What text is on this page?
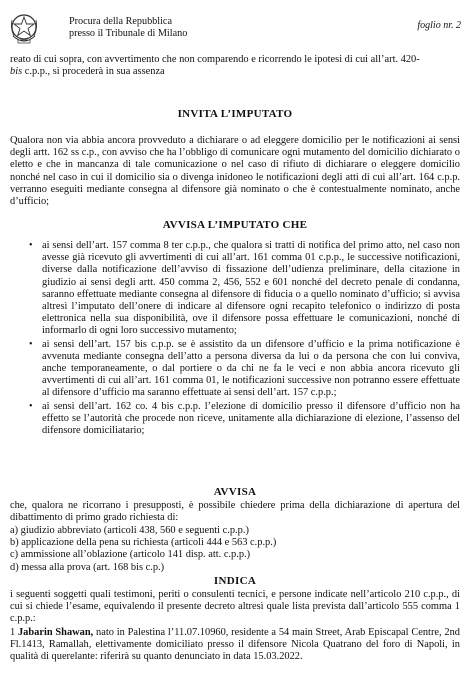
Procura della Repubblica
presso il Tribunale di Milano
foglio nr. 2
reato di cui sopra, con avvertimento che non comparendo e ricorrendo le ipotesi di cui all’art. 420-
bis c.p.p., si procederà in sua assenza
INVITA L’IMPUTATO
Qualora non via abbia ancora provveduto a dichiarare o ad eleggere domicilio per le notificazioni ai sensi degli artt. 162 ss c.p., con avviso che ha l’obbligo di comunicare ogni mutamento del domicilio dichiarato o eletto e che in mancanza di tale comunicazione o nel caso di rifiuto di dichiarare o eleggere domicilio nonché nel caso in cui il domicilio sia o divenga inidoneo le notificazioni degli atti di cui all’art. 164 c.p.p. verranno eseguiti mediante consegna al difensore già nominato o che è contestualmente nominato, anche d’ufficio;
AVVISA L’IMPUTATO CHE
• ai sensi dell’art. 157 comma 8 ter c.p.p., che qualora si tratti di notifica del primo atto, nel caso non avesse già ricevuto gli avvertimenti di cui all’art. 161 comma 01 c.p.p., le successive notificazioni, diverse dalla notificazione dell’avviso di fissazione dell’udienza preliminare, della citazione in giudizio ai sensi degli artt. 450 comma 2, 456, 552 e 601 nonché del decreto penale di condanna, saranno effettuate mediante consegna al difensore di fiducia o a quello nominato d’ufficio; si avvisa altresì l’imputato dell’onere di indicare al difensore ogni recapito telefonico o indirizzo di posta elettronica nella sua disponibilità, ove il difensore possa effettuare le comunicazioni, nonché di informarlo di ogni loro successivo mutamento;
• ai sensi dell’art. 157 bis c.p.p. se è assistito da un difensore d’ufficio e la prima notificazione è avvenuta mediante consegna dell’atto a persona diversa da lui o da persona che con lui conviva, anche temporaneamente, o dal portiere o da chi ne fa le veci e non abbia ancora ricevuto gli avvertimenti di cui all’art. 161 comma 01, le notificazioni successive non potranno essere effettuate al difensore d’ufficio ma saranno effettuate ai sensi dell’art. 157 c.p.p.;
• ai sensi dell’art. 162 co. 4 bis c.p.p. l’elezione di domicilio presso il difensore d’ufficio non ha effetto se l’autorità che procede non riceve, unitamente alla dichiarazione di elezione, l’assenso del difensore domiciliatario;
AVVISA
che, qualora ne ricorrano i presupposti, è possibile chiedere prima della dichiarazione di apertura del dibattimento di primo grado richiesta di:
a) giudizio abbreviato (articoli 438, 560 e seguenti c.p.p.)
b) applicazione della pena su richiesta (articoli 444 e 563 c.p.p.)
c) ammissione all’oblazione (articolo 141 disp. att. c.p.p.)
d) messa alla prova (art. 168 bis c.p.)
INDICA
i seguenti soggetti quali testimoni, periti o consulenti tecnici, e persone indicate nell’articolo 210 c.p.p., di cui si chiede l’esame, equivalendo il presente decreto altresì quale lista prevista dall’articolo 555 comma 1 c.p.p.:
1 Jabarin Shawan, nato in Palestina l’11.07.10960, residente a 54 main Street, Arab Episcapal Centre, 2nd Fl.1413, Ramallah, elettivamente domiciliato presso il difensore Nicola Quatrano del foro di Napoli, in qualità di querelante: riferirà su quanto denunciato in data 15.03.2022.
